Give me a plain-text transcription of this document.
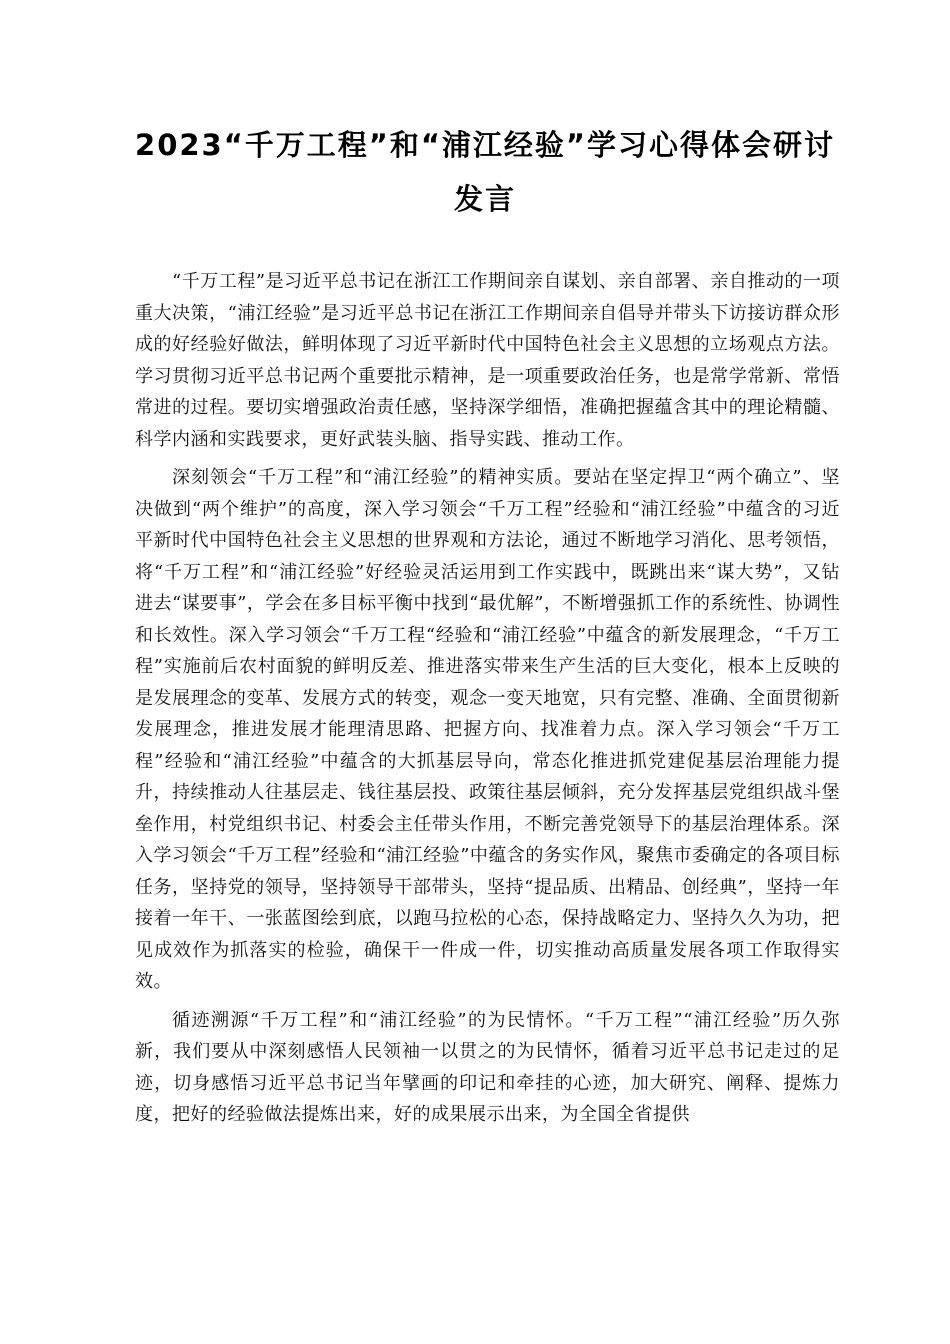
2023“千万工程”和“浦江经验”学习心得体会研讨发言

“千万工程”是习近平总书记在浙江工作期间亲自谋划、亲自部署、亲自推动的一项重大决策，“浦江经验”是习近平总书记在浙江工作期间亲自倡导并带头下访接访群众形成的好经验好做法，鲜明体现了习近平新时代中国特色社会主义思想的立场观点方法。学习贯彻习近平总书记两个重要批示精神，是一项重要政治任务，也是常学常新、常悟常进的过程。要切实增强政治责任感，坚持深学细悟，准确把握蕴含其中的理论精髓、科学内涵和实践要求，更好武装头脑、指导实践、推动工作。

深刻领会“千万工程”和“浦江经验”的精神实质。要站在坚定捍卫“两个确立”、坚决做到“两个维护”的高度，深入学习领会“千万工程”经验和“浦江经验”中蕴含的习近平新时代中国特色社会主义思想的世界观和方法论，通过不断地学习消化、思考领悟，将“千万工程”和“浦江经验”好经验灵活运用到工作实践中，既跳出来“谋大势”，又钻进去“谋要事”，学会在多目标平衡中找到“最优解”，不断增强抓工作的系统性、协调性和长效性。深入学习领会“千万工程“经验和“浦江经验”中蕴含的新发展理念，“千万工程”实施前后农村面貌的鲜明反差、推进落实带来生产生活的巨大变化，根本上反映的是发展理念的变革、发展方式的转变，观念一变天地宽，只有完整、准确、全面贯彻新发展理念，推进发展才能理清思路、把握方向、找准着力点。深入学习领会“千万工程”经验和“浦江经验”中蕴含的大抓基层导向，常态化推进抓党建促基层治理能力提升，持续推动人往基层走、钱往基层投、政策往基层倾斜，充分发挥基层党组织战斗堡垒作用，村党组织书记、村委会主任带头作用，不断完善党领导下的基层治理体系。深入学习领会“千万工程”经验和“浦江经验”中蕴含的务实作风，聚焦市委确定的各项目标任务，坚持党的领导，坚持领导干部带头，坚持“提品质、出精品、创经典”，坚持一年接着一年干、一张蓝图绘到底，以跑马拉松的心态，保持战略定力、坚持久久为功，把见成效作为抓落实的检验，确保干一件成一件，切实推动高质量发展各项工作取得实效。

循迹溯源“千万工程”和“浦江经验”的为民情怀。“千万工程”“浦江经验”历久弥新，我们要从中深刻感悟人民领袖一以贯之的为民情怀，循着习近平总书记走过的足迹，切身感悟习近平总书记当年擘画的印记和牵挂的心迹，加大研究、阐释、提炼力度，把好的经验做法提炼出来，好的成果展示出来，为全国全省提供
